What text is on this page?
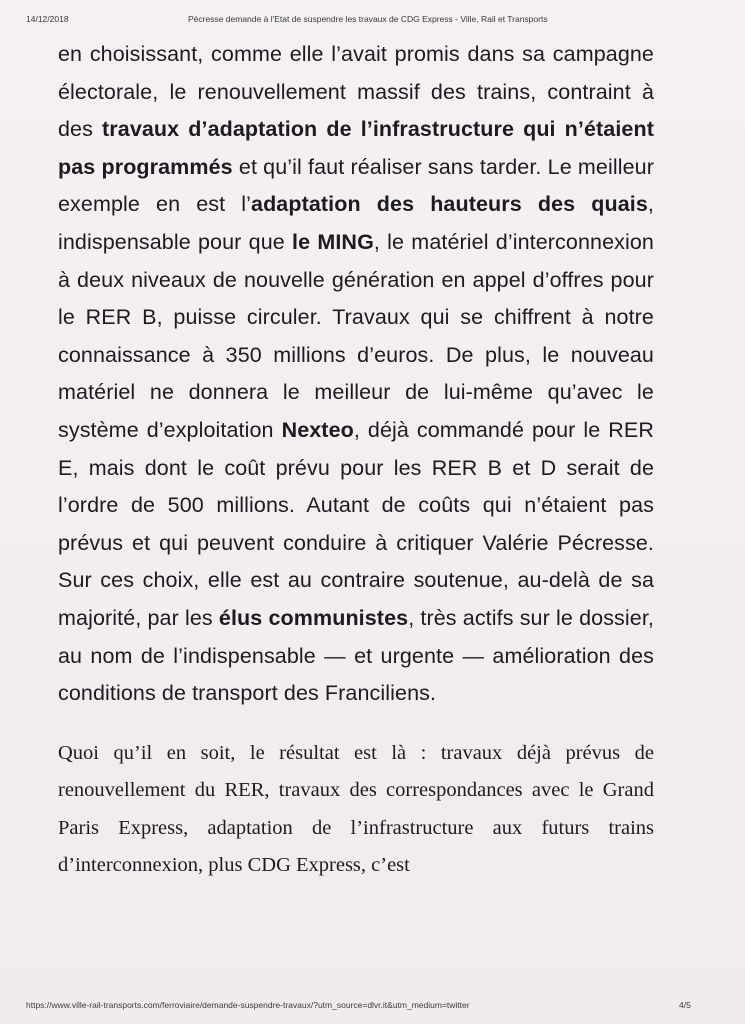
14/12/2018	Pécresse demande à l'Etat de suspendre les travaux de CDG Express - Ville, Rail et Transports

en choisissant, comme elle l’avait promis dans sa campagne électorale, le renouvellement massif des trains, contraint à des travaux d’adaptation de l’infrastructure qui n’étaient pas programmés et qu’il faut réaliser sans tarder. Le meilleur exemple en est l’adaptation des hauteurs des quais, indispensable pour que le MING, le matériel d’interconnexion à deux niveaux de nouvelle génération en appel d’offres pour le RER B, puisse circuler. Travaux qui se chiffrent à notre connaissance à 350 millions d’euros. De plus, le nouveau matériel ne donnera le meilleur de lui-même qu’avec le système d’exploitation Nexteo, déjà commandé pour le RER E, mais dont le coût prévu pour les RER B et D serait de l’ordre de 500 millions. Autant de coûts qui n’étaient pas prévus et qui peuvent conduire à critiquer Valérie Pécresse. Sur ces choix, elle est au contraire soutenue, au-delà de sa majorité, par les élus communistes, très actifs sur le dossier, au nom de l’indispensable — et urgente — amélioration des conditions de transport des Franciliens.

Quoi qu’il en soit, le résultat est là : travaux déjà prévus de renouvellement du RER, travaux des correspondances avec le Grand Paris Express, adaptation de l’infrastructure aux futurs trains d’interconnexion, plus CDG Express, c’est

https://www.ville-rail-transports.com/ferroviaire/demande-suspendre-travaux/?utm_source=dlvr.it&utm_medium=twitter	4/5
